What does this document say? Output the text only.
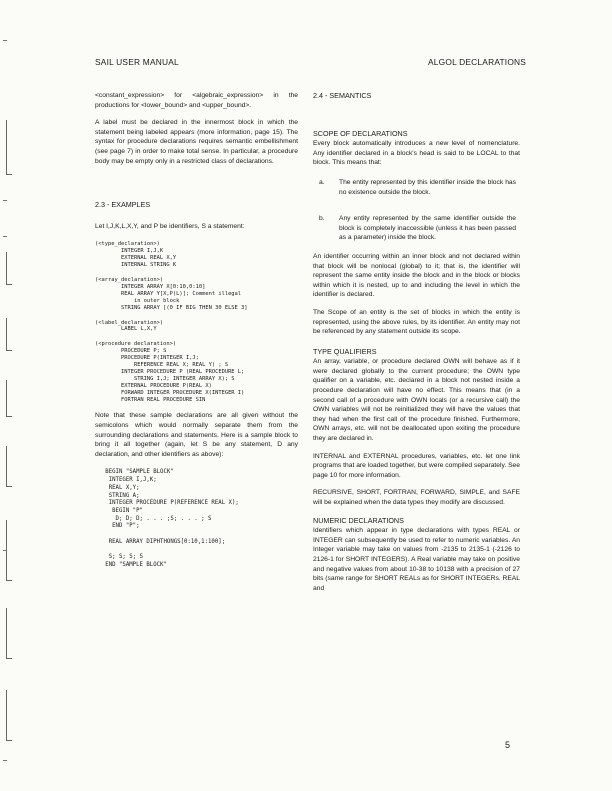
SAIL USER MANUAL	ALGOL DECLARATIONS

<constant_expression> for <algebraic_expression> in the productions for <lower_bound> and <upper_bound>.

A label must be declared in the innermost block in which the statement being labeled appears (more information, page 15). The syntax for procedure declarations requires semantic embellishment (see page 7) in order to make total sense. In particular, a procedure body may be empty only in a restricted class of declarations.

2.3 - EXAMPLES

Let I,J,K,L,X,Y, and P be identifiers, S a statement:

(<type_declaration>)
INTEGER I,J,K
EXTERNAL REAL X,Y
INTERNAL STRING K
(<array_declaration>)
INTEGER ARRAY X[0:10,0:10]
REAL ARRAY Y[X,P(L)]; Comment illegal
in outer block
STRING ARRAY [(0 IF BIG THEN 30 ELSE 3]
(<label_declaration>)
LABEL L,X,Y
(<procedure declaration>)
PROCEDURE P; S
PROCEDURE P(INTEGER I,J;
REFERENCE REAL X; REAL Y) ; S
INTEGER PROCEDURE P (REAL PROCEDURE L;
STRING I,J; INTEGER ARRAY X); S
EXTERNAL PROCEDURE P(REAL X)
FORWARD INTEGER PROCEDURE X(INTEGER I)
FORTRAN REAL PROCEDURE SIN

Note that these sample declarations are all given without the semicolons which would normally separate them from the surrounding declarations and statements. Here is a sample block to bring it all together (again, let S be any statement, D any declaration, and other identifiers as above):

BEGIN "SAMPLE BLOCK"
INTEGER I,J,K;
REAL X,Y;
STRING A;
INTEGER PROCEDURE P(REFERENCE REAL X);
BEGIN "P"
D; D; D; . . . ;S; . . . ; S
END "P";

REAL ARRAY DIPHTHONGS[0:10,1:100];

S; S; S; S
END "SAMPLE BLOCK"

2.4 - SEMANTICS

SCOPE OF DECLARATIONS

Every block automatically introduces a new level of nomenclature. Any identifier declared in a block's head is said to be LOCAL to that block. This means that:

a.	The entity represented by this identifier inside the block has no existence outside the block.
b.	Any entity represented by the same identifier outside the block is completely inaccessible (unless it has been passed as a parameter) inside the block.

An identifier occurring within an inner block and not declared within that block will be nonlocal (global) to it; that is, the identifier will represent the same entity inside the block and in the block or blocks within which it is nested, up to and including the level in which the identifier is declared.

The Scope of an entity is the set of blocks in which the entity is represented, using the above rules, by its identifier. An entity may not be referenced by any statement outside its scope.

TYPE QUALIFIERS

An array, variable, or procedure declared OWN will behave as if it were declared globally to the current procedure; the OWN type qualifier on a variable, etc. declared in a block not nested inside a procedure declaration will have no effect. This means that (in a second call of a procedure with OWN locals (or a recursive call) the OWN variables will not be reinitialized they will have the values that they had when the first call of the procedure finished. Furthermore, OWN arrays, etc. will not be deallocated upon exiting the procedure they are declared in.

INTERNAL and EXTERNAL procedures, variables, etc. let one link programs that are loaded together, but were compiled separately. See page 10 for more information.

RECURSIVE, SHORT, FORTRAN, FORWARD, SIMPLE, and SAFE will be explained when the data types they modify are discussed.

NUMERIC DECLARATIONS

Identifiers which appear in type declarations with types REAL or INTEGER can subsequently be used to refer to numeric variables. An Integer variable may take on values from -2135 to 2135-1 (-2126 to 2126-1 for SHORT INTEGERS). A Real variable may take on positive and negative values from about 10-38 to 10138 with a precision of 27 bits (same range for SHORT REALs as for SHORT INTEGERs. REAL and

5
